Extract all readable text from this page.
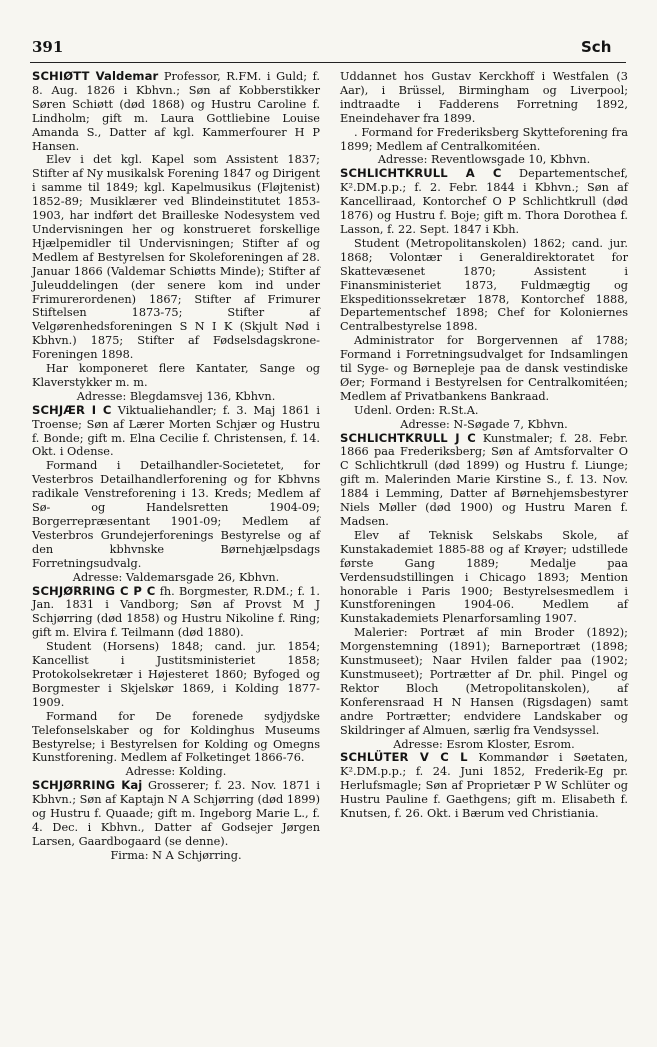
391	Sch

SCHIØTT Valdemar Professor, R.FM. i Guld; f. 8. Aug. 1826 i Kbhvn.; Søn af Kobberstikker Søren Schiøtt (død 1868) og Hustru Caroline f. Lindholm; gift m. Laura Gottliebine Louise Amanda S., Datter af kgl. Kammerfourer H P Hansen.

Elev i det kgl. Kapel som Assistent 1837; Stifter af Ny musikalsk Forening 1847 og Dirigent i samme til 1849; kgl. Kapelmusikus (Fløjtenist) 1852-89; Musiklærer ved Blindeinstitutet 1853-1903, har indført det Brailleske Nodesystem ved Undervisningen her og konstrueret forskellige Hjælpemidler til Undervisningen; Stifter af og Medlem af Bestyrelsen for Skoleforeningen af 28. Januar 1866 (Valdemar Schiøtts Minde); Stifter af Juleuddelingen (der senere kom ind under Frimurerordenen) 1867; Stifter af Frimurer Stiftelsen 1873-75; Stifter af Velgørenhedsforeningen S N I K (Skjult Nød i Kbhvn.) 1875; Stifter af Fødselsdagskrone-Foreningen 1898.

Har komponeret flere Kantater, Sange og Klaverstykker m. m.

Adresse: Blegdamsvej 136, Kbhvn.

SCHJÆR I C Viktualiehandler; f. 3. Maj 1861 i Troense; Søn af Lærer Morten Schjær og Hustru f. Bonde; gift m. Elna Cecilie f. Christensen, f. 14. Okt. i Odense.

Formand i Detailhandler-Societetet, for Vesterbros Detailhandlerforening og for Kbhvns radikale Venstreforening i 13. Kreds; Medlem af Sø- og Handelsretten 1904-09; Borgerrepræsentant 1901-09; Medlem af Vesterbros Grundejerforenings Bestyrelse og af den kbhvnske Børnehjælpsdags Forretningsudvalg.

Adresse: Valdemarsgade 26, Kbhvn.

SCHJØRRING C P C fh. Borgmester, R.DM.; f. 1. Jan. 1831 i Vandborg; Søn af Provst M J Schjørring (død 1858) og Hustru Nikoline f. Ring; gift m. Elvira f. Teilmann (død 1880).

Student (Horsens) 1848; cand. jur. 1854; Kancellist i Justitsministeriet 1858; Protokolsekretær i Højesteret 1860; Byfoged og Borgmester i Skjelskør 1869, i Kolding 1877-1909.

Formand for De forenede sydjydske Telefonselskaber og for Koldinghus Museums Bestyrelse; i Bestyrelsen for Kolding og Omegns Kunstforening. Medlem af Folketinget 1866-76.

Adresse: Kolding.

SCHJØRRING Kaj Grosserer; f. 23. Nov. 1871 i Kbhvn.; Søn af Kaptajn N A Schjørring (død 1899) og Hustru f. Quaade; gift m. Ingeborg Marie L., f. 4. Dec. i Kbhvn., Datter af Godsejer Jørgen Larsen, Gaardbogaard (se denne).

Firma: N A Schjørring.

Uddannet hos Gustav Kerckhoff i Westfalen (3 Aar), i Brüssel, Birmingham og Liverpool; indtraadte i Fadderens Forretning 1892, Eneindehaver fra 1899.

. Formand for Frederiksberg Skytteforening fra 1899; Medlem af Centralkomitéen.

Adresse: Reventlowsgade 10, Kbhvn.

SCHLICHTKRULL A C Departementschef, K².DM.p.p.; f. 2. Febr. 1844 i Kbhvn.; Søn af Kancelliraad, Kontorchef O P Schlichtkrull (død 1876) og Hustru f. Boje; gift m. Thora Dorothea f. Lasson, f. 22. Sept. 1847 i Kbh.

Student (Metropolitanskolen) 1862; cand. jur. 1868; Volontær i Generaldirektoratet for Skattevæsenet 1870; Assistent i Finansministeriet 1873, Fuldmægtig og Ekspeditionssekretær 1878, Kontorchef 1888, Departementschef 1898; Chef for Koloniernes Centralbestyrelse 1898.

Administrator for Borgervennen af 1788; Formand i Forretningsudvalget for Indsamlingen til Syge- og Børnepleje paa de dansk vestindiske Øer; Formand i Bestyrelsen for Centralkomitéen; Medlem af Privatbankens Bankraad.

Udenl. Orden: R.St.A.

Adresse: N-Søgade 7, Kbhvn.

SCHLICHTKRULL J C Kunstmaler; f. 28. Febr. 1866 paa Frederiksberg; Søn af Amtsforvalter O C Schlichtkrull (død 1899) og Hustru f. Liunge; gift m. Malerinden Marie Kirstine S., f. 13. Nov. 1884 i Lemming, Datter af Børnehjemsbestyrer Niels Møller (død 1900) og Hustru Maren f. Madsen.

Elev af Teknisk Selskabs Skole, af Kunstakademiet 1885-88 og af Krøyer; udstillede første Gang 1889; Medalje paa Verdensudstillingen i Chicago 1893; Mention honorable i Paris 1900; Bestyrelsesmedlem i Kunstforeningen 1904-06. Medlem af Kunstakademiets Plenarforsamling 1907.

Malerier: Portræt af min Broder (1892); Morgenstemning (1891); Barneportræt (1898; Kunstmuseet); Naar Hvilen falder paa (1902; Kunstmuseet); Portrætter af Dr. phil. Pingel og Rektor Bloch (Metropolitanskolen), af Konferensraad H N Hansen (Rigsdagen) samt andre Portrætter; endvidere Landskaber og Skildringer af Almuen, særlig fra Vendsyssel.

Adresse: Esrom Kloster, Esrom.

SCHLÜTER V C L Kommandør i Søetaten, K².DM.p.p.; f. 24. Juni 1852, Frederik-Eg pr. Herlufsmagle; Søn af Proprietær P W Schlüter og Hustru Pauline f. Gaethgens; gift m. Elisabeth f. Knutsen, f. 26. Okt. i Bærum ved Christiania.
